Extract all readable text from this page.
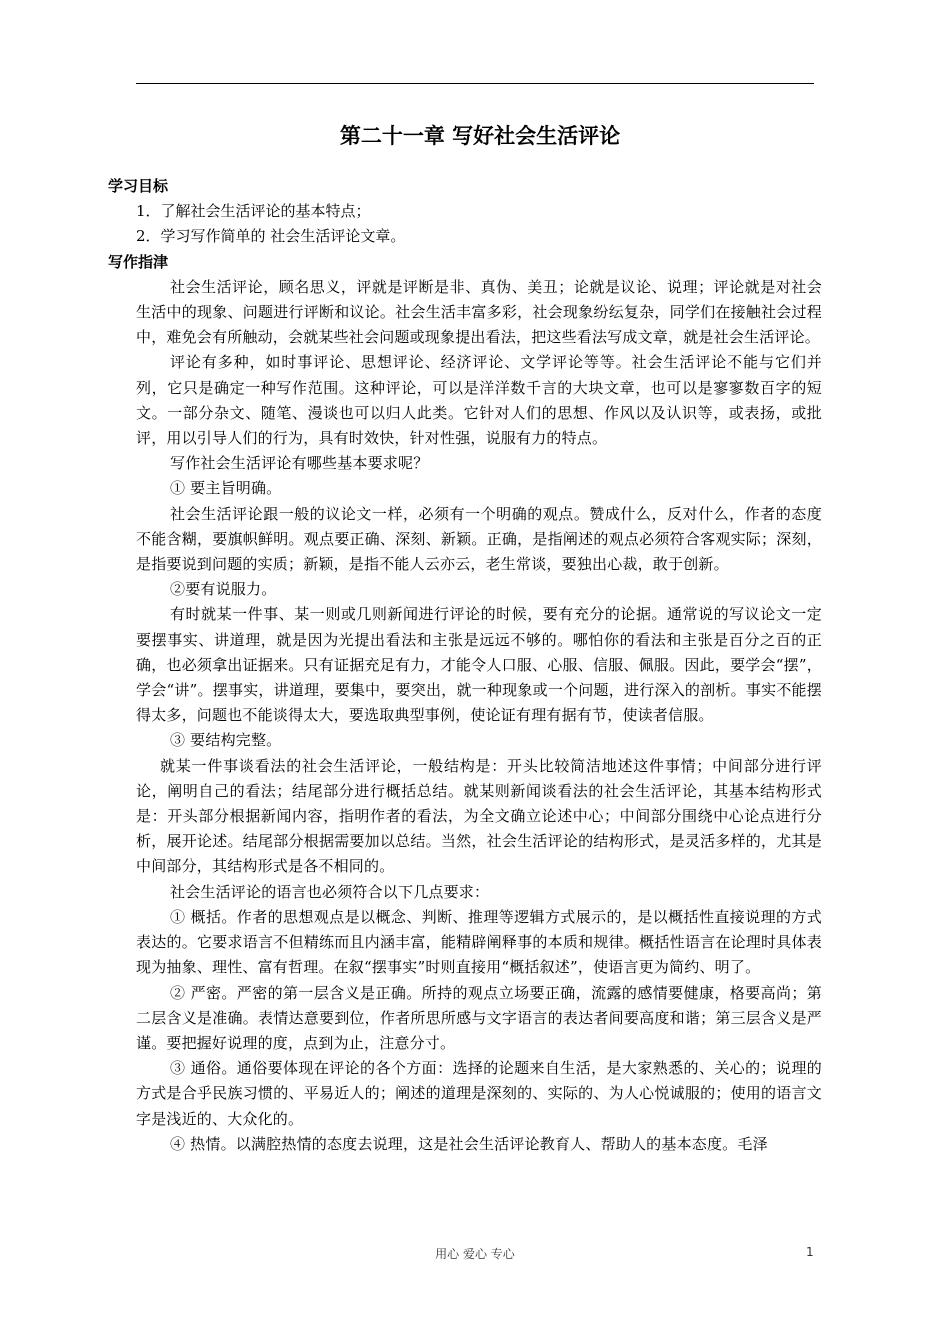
第二十一章 写好社会生活评论

学习目标

1．了解社会生活评论的基本特点；

2．学习写作简单的 社会生活评论文章。

写作指津

社会生活评论，顾名思义，评就是评断是非、真伪、美丑；论就是议论、说理；评论就是对社会生活中的现象、问题进行评断和议论。社会生活丰富多彩，社会现象纷纭复杂，同学们在接触社会过程中，难免会有所触动，会就某些社会问题或现象提出看法，把这些看法写成文章，就是社会生活评论。

评论有多种，如时事评论、思想评论、经济评论、文学评论等等。社会生活评论不能与它们并列，它只是确定一种写作范围。这种评论，可以是洋洋数千言的大块文章，也可以是寥寥数百字的短文。一部分杂文、随笔、漫谈也可以归人此类。它针对人们的思想、作风以及认识等，或表扬，或批评，用以引导人们的行为，具有时效快，针对性强，说服有力的特点。

写作社会生活评论有哪些基本要求呢？

① 要主旨明确。

社会生活评论跟一般的议论文一样，必须有一个明确的观点。赞成什么，反对什么，作者的态度不能含糊，要旗帜鲜明。观点要正确、深刻、新颖。正确，是指阐述的观点必须符合客观实际；深刻，是指要说到问题的实质；新颖，是指不能人云亦云，老生常谈，要独出心裁，敢于创新。

②要有说服力。

有时就某一件事、某一则或几则新闻进行评论的时候，要有充分的论据。通常说的写议论文一定要摆事实、讲道理，就是因为光提出看法和主张是远远不够的。哪怕你的看法和主张是百分之百的正确，也必须拿出证据来。只有证据充足有力，才能令人口服、心服、信服、佩服。因此，要学会“摆”，学会“讲”。摆事实，讲道理，要集中，要突出，就一种现象或一个问题，进行深入的剖析。事实不能摆得太多，问题也不能谈得太大，要选取典型事例，使论证有理有据有节，使读者信服。

③ 要结构完整。

就某一件事谈看法的社会生活评论，一般结构是：开头比较简洁地述这件事情；中间部分进行评论，阐明自己的看法；结尾部分进行概括总结。就某则新闻谈看法的社会生活评论，其基本结构形式是：开头部分根据新闻内容，指明作者的看法，为全文确立论述中心；中间部分围绕中心论点进行分析，展开论述。结尾部分根据需要加以总结。当然，社会生活评论的结构形式，是灵活多样的，尤其是中间部分，其结构形式是各不相同的。

社会生活评论的语言也必须符合以下几点要求：

① 概括。作者的思想观点是以概念、判断、推理等逻辑方式展示的，是以概括性直接说理的方式表达的。它要求语言不但精练而且内涵丰富，能精辟阐释事的本质和规律。概括性语言在论理时具体表现为抽象、理性、富有哲理。在叙“摆事实”时则直接用“概括叙述”，使语言更为简约、明了。

② 严密。严密的第一层含义是正确。所持的观点立场要正确，流露的感情要健康，格要高尚；第二层含义是准确。表情达意要到位，作者所思所感与文字语言的表达者间要高度和谐；第三层含义是严谨。要把握好说理的度，点到为止，注意分寸。

③ 通俗。通俗要体现在评论的各个方面：选择的论题来自生活，是大家熟悉的、关心的；说理的方式是合乎民族习惯的、平易近人的；阐述的道理是深刻的、实际的、为人心悦诚服的；使用的语言文字是浅近的、大众化的。

④ 热情。以满腔热情的态度去说理，这是社会生活评论教育人、帮助人的基本态度。毛泽

用心 爱心 专心	1
